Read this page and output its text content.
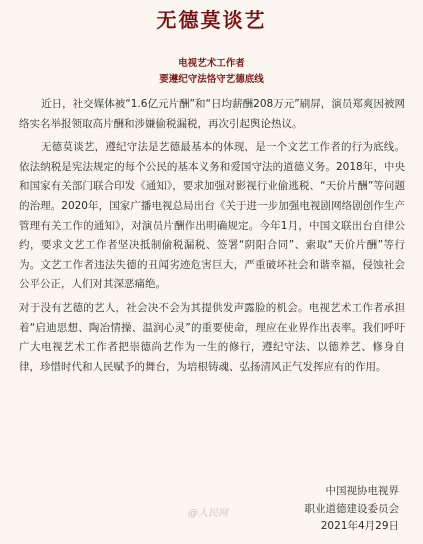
无德莫谈艺
电视艺术工作者
要遵纪守法恪守艺德底线

近日，社交媒体被“1.6亿元片酬”和“日均薪酬208万元”刷屏，演员郑爽因被网络实名举报领取高片酬和涉嫌偷税漏税，再次引起舆论热议。

无德莫谈艺，遵纪守法是艺德最基本的体现，是一个文艺工作者的行为底线。依法纳税是宪法规定的每个公民的基本义务和爱国守法的道德义务。2018年，中央和国家有关部门联合印发《通知》，要求加强对影视行业偷逃税、“天价片酬”等问题的治理。2020年，国家广播电视总局出台《关于进一步加强电视剧网络剧创作生产管理有关工作的通知》，对演员片酬作出明确规定。今年1月，中国文联出台自律公约，要求文艺工作者坚决抵制偷税漏税、签署“阴阳合同”、索取“天价片酬”等行为。文艺工作者违法失德的丑闻劣迹危害巨大，严重破坏社会和谐幸福，侵蚀社会公平公正，人们对其深恶痛绝。

对于没有艺德的艺人，社会决不会为其提供发声露脸的机会。电视艺术工作者承担着“启迪思想、陶冶情操、温润心灵”的重要使命，理应在业界作出表率。我们呼吁广大电视艺术工作者把崇德尚艺作为一生的修行，遵纪守法、以德养艺、修身自律，珍惜时代和人民赋予的舞台，为培根铸魂、弘扬清风正气发挥应有的作用。

@人民网
中国视协电视界
职业道德建设委员会
2021年4月29日
